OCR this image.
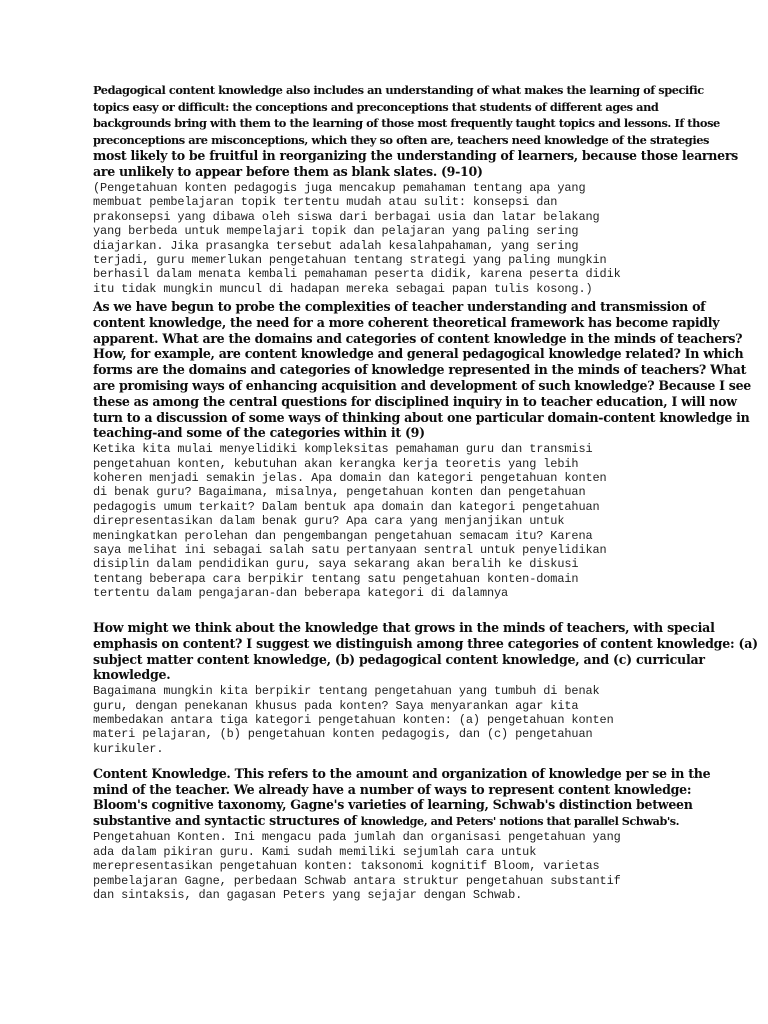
Pedagogical content knowledge also includes an understanding of what makes the learning of specific
topics easy or difficult: the conceptions and preconceptions that students of different ages and
backgrounds bring with them to the learning of those most frequently taught topics and lessons. If those
preconceptions are misconceptions, which they so often are, teachers need knowledge of the strategies

most likely to be fruitful in reorganizing the understanding of learners, because those learners
are unlikely to appear before them as blank slates. (9-10)

(Pengetahuan konten pedagogis juga mencakup pemahaman tentang apa yang
membuat pembelajaran topik tertentu mudah atau sulit: konsepsi dan
prakonsepsi yang dibawa oleh siswa dari berbagai usia dan latar belakang
yang berbeda untuk mempelajari topik dan pelajaran yang paling sering
diajarkan. Jika prasangka tersebut adalah kesalahpahaman, yang sering
terjadi, guru memerlukan pengetahuan tentang strategi yang paling mungkin
berhasil dalam menata kembali pemahaman peserta didik, karena peserta didik
itu tidak mungkin muncul di hadapan mereka sebagai papan tulis kosong.)

As we have begun to probe the complexities of teacher understanding and transmission of
content knowledge, the need for a more coherent theoretical framework has become rapidly
apparent. What are the domains and categories of content knowledge in the minds of teachers?
How, for example, are content knowledge and general pedagogical knowledge related? In which
forms are the domains and categories of knowledge represented in the minds of teachers? What
are promising ways of enhancing acquisition and development of such knowledge? Because I see
these as among the central questions for disciplined inquiry in to teacher education, I will now
turn to a discussion of some ways of thinking about one particular domain-content knowledge in
teaching-and some of the categories within it (9)

Ketika kita mulai menyelidiki kompleksitas pemahaman guru dan transmisi
pengetahuan konten, kebutuhan akan kerangka kerja teoretis yang lebih
koheren menjadi semakin jelas. Apa domain dan kategori pengetahuan konten
di benak guru? Bagaimana, misalnya, pengetahuan konten dan pengetahuan
pedagogis umum terkait? Dalam bentuk apa domain dan kategori pengetahuan
direpresentasikan dalam benak guru? Apa cara yang menjanjikan untuk
meningkatkan perolehan dan pengembangan pengetahuan semacam itu? Karena
saya melihat ini sebagai salah satu pertanyaan sentral untuk penyelidikan
disiplin dalam pendidikan guru, saya sekarang akan beralih ke diskusi
tentang beberapa cara berpikir tentang satu pengetahuan konten-domain
tertentu dalam pengajaran-dan beberapa kategori di dalamnya

How might we think about the knowledge that grows in the minds of teachers, with special
emphasis on content? I suggest we distinguish among three categories of content knowledge: (a)
subject matter content knowledge, (b) pedagogical content knowledge, and (c) curricular
knowledge.

Bagaimana mungkin kita berpikir tentang pengetahuan yang tumbuh di benak
guru, dengan penekanan khusus pada konten? Saya menyarankan agar kita
membedakan antara tiga kategori pengetahuan konten: (a) pengetahuan konten
materi pelajaran, (b) pengetahuan konten pedagogis, dan (c) pengetahuan
kurikuler.

Content Knowledge. This refers to the amount and organization of knowledge per se in the
mind of the teacher. We already have a number of ways to represent content knowledge:
Bloom's cognitive taxonomy, Gagne's varieties of learning, Schwab's distinction between
substantive and syntactic structures of knowledge, and Peters' notions that parallel Schwab's.

Pengetahuan Konten. Ini mengacu pada jumlah dan organisasi pengetahuan yang
ada dalam pikiran guru. Kami sudah memiliki sejumlah cara untuk
merepresentasikan pengetahuan konten: taksonomi kognitif Bloom, varietas
pembelajaran Gagne, perbedaan Schwab antara struktur pengetahuan substantif
dan sintaksis, dan gagasan Peters yang sejajar dengan Schwab.
